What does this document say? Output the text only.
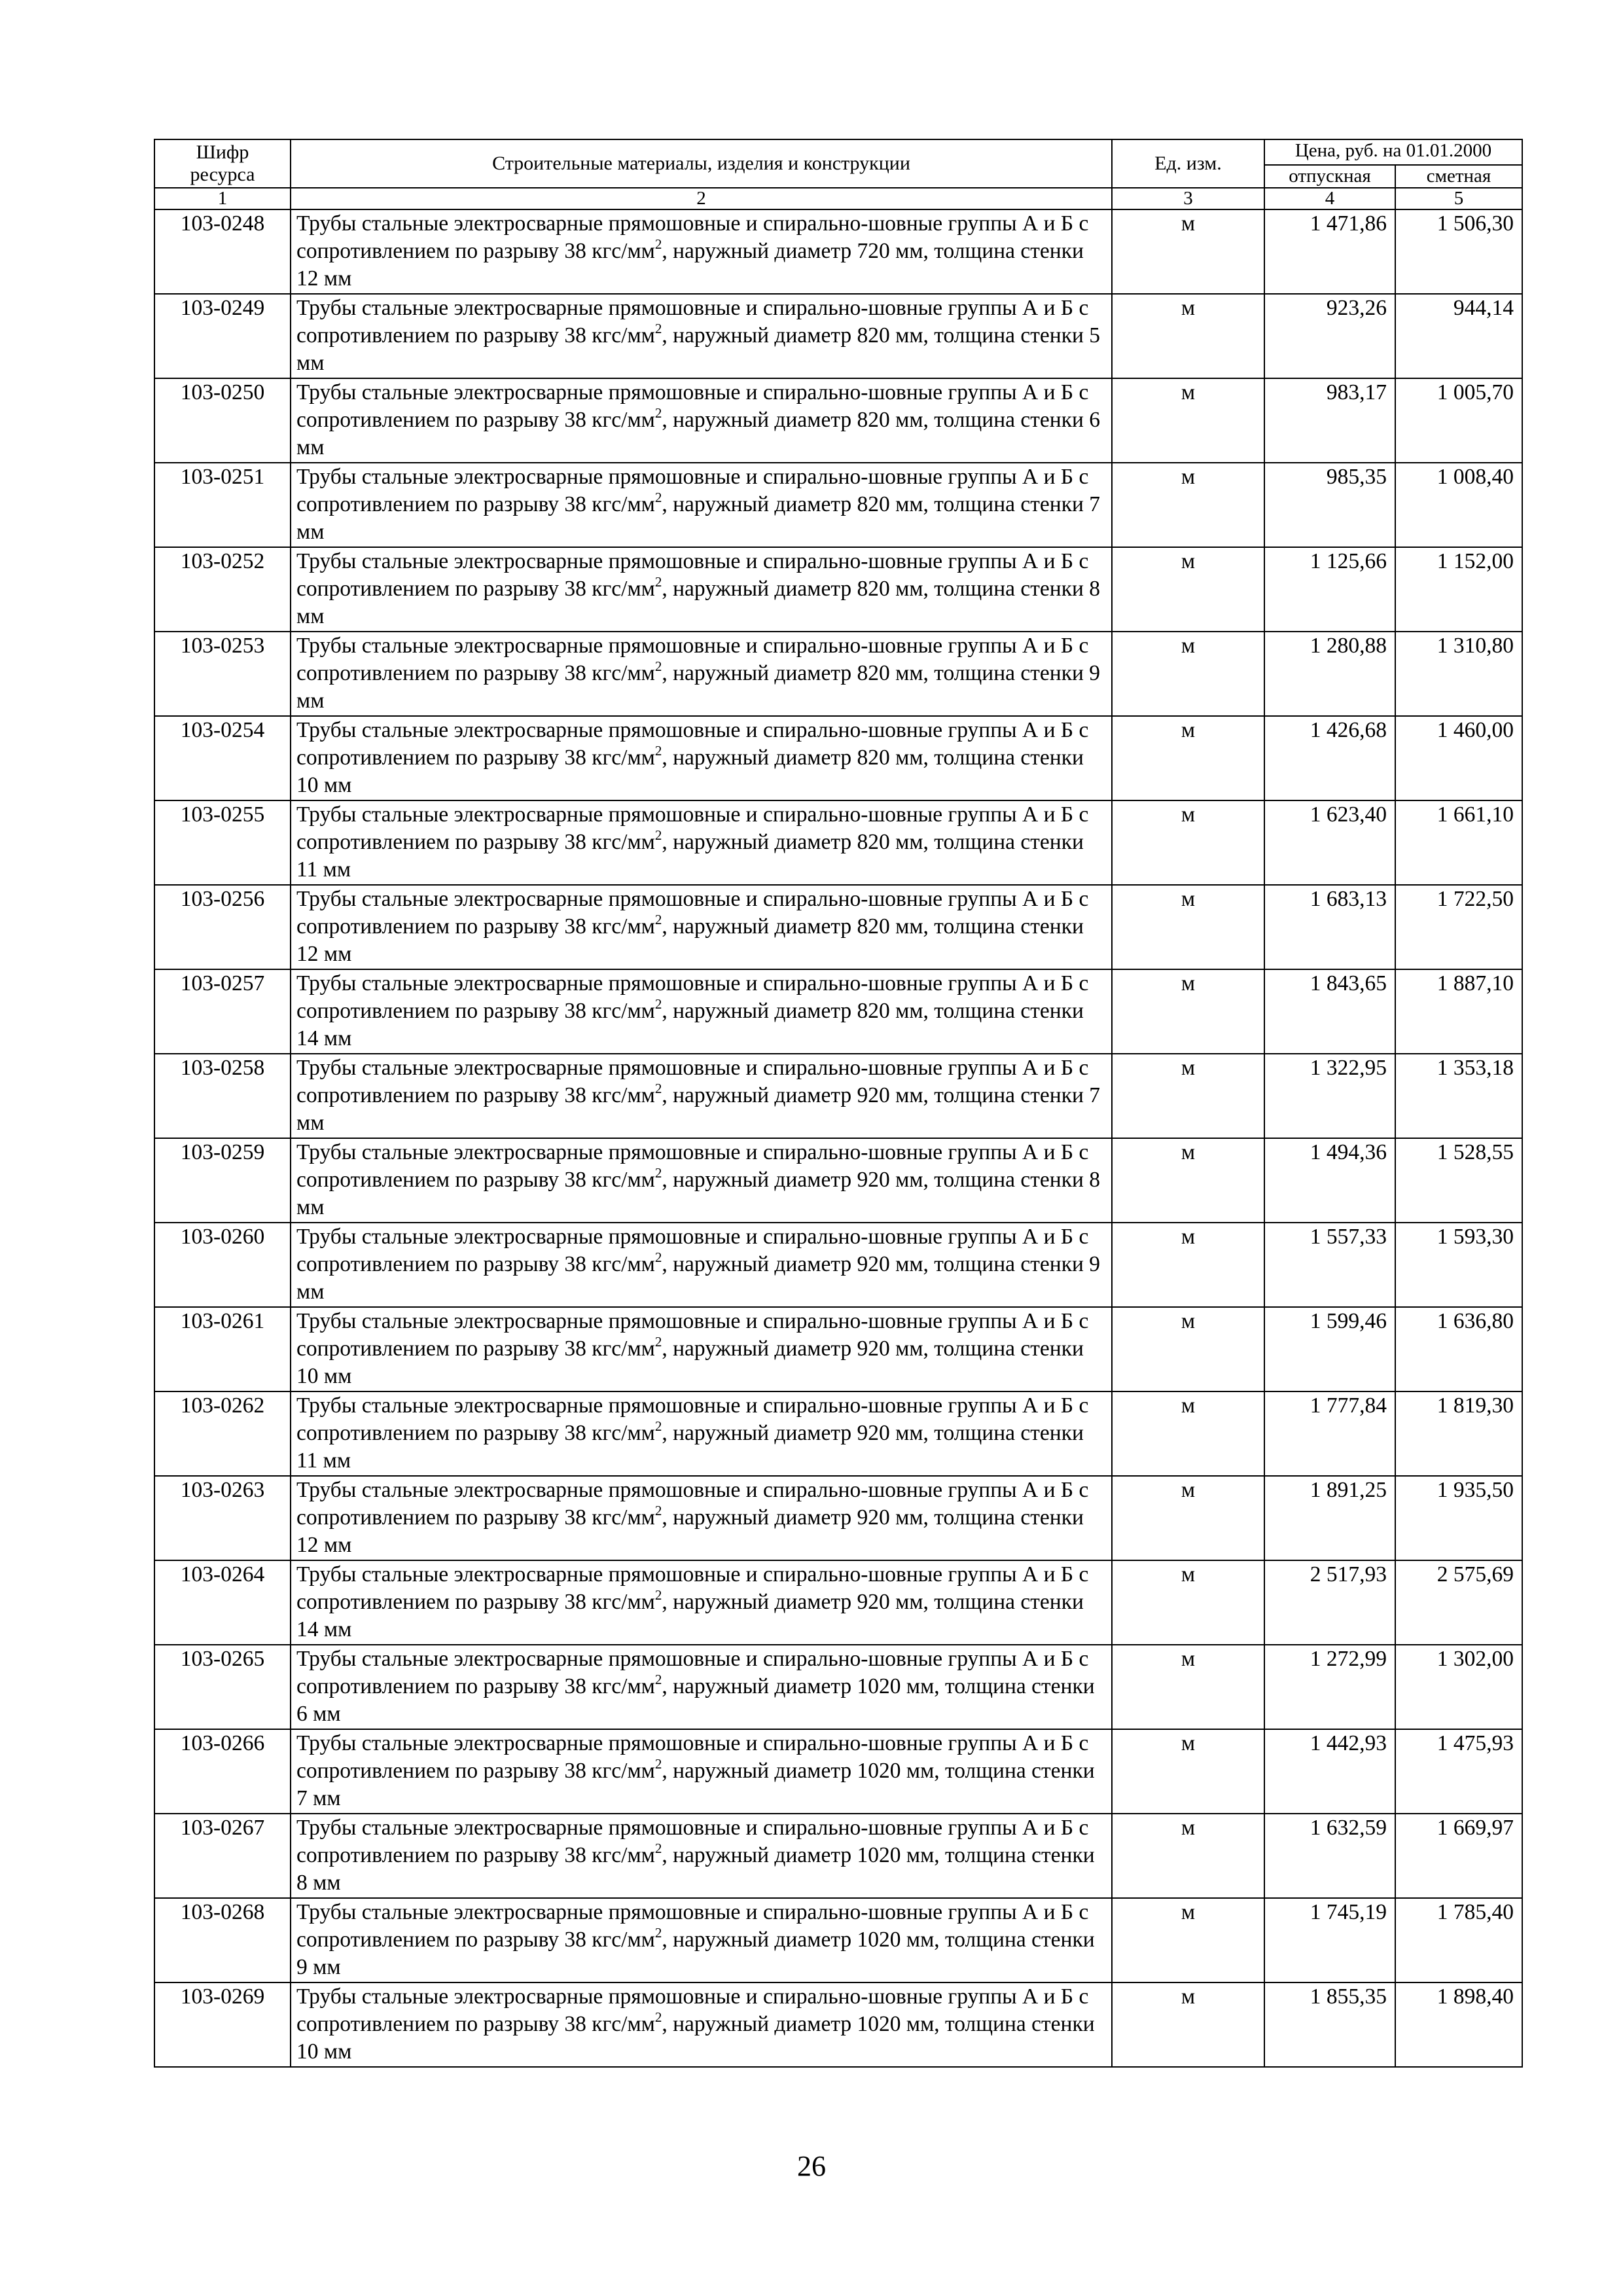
Шифр
ресурса	Строительные материалы, изделия и конструкции	Ед. изм.	Цена, руб. на 01.01.2000	
			отпускная	сметная
1	2	3	4	5
103-0248	Трубы стальные электросварные прямошовные и спирально-шовные группы А и Б с сопротивлением по разрыву 38 кгс/$мм^2$, наружный диаметр 720 мм, толщина стенки 12 мм	м	1 471,86	1 506,30
103-0249	Трубы стальные электросварные прямошовные и спирально-шовные группы А и Б с сопротивлением по разрыву 38 кгс/$мм^2$, наружный диаметр 820 мм, толщина стенки 5 мм	м	923,26	944,14
103-0250	Трубы стальные электросварные прямошовные и спирально-шовные группы А и Б с сопротивлением по разрыву 38 кгс/$мм^2$, наружный диаметр 820 мм, толщина стенки 6 мм	м	983,17	1 005,70
103-0251	Трубы стальные электросварные прямошовные и спирально-шовные группы А и Б с сопротивлением по разрыву 38 кгс/$мм^2$, наружный диаметр 820 мм, толщина стенки 7 мм	м	985,35	1 008,40
103-0252	Трубы стальные электросварные прямошовные и спирально-шовные группы А и Б с сопротивлением по разрыву 38 кгс/$мм^2$, наружный диаметр 820 мм, толщина стенки 8 мм	м	1 125,66	1 152,00
103-0253	Трубы стальные электросварные прямошовные и спирально-шовные группы А и Б с сопротивлением по разрыву 38 кгс/$мм^2$, наружный диаметр 820 мм, толщина стенки 9 мм	м	1 280,88	1 310,80
103-0254	Трубы стальные электросварные прямошовные и спирально-шовные группы А и Б с сопротивлением по разрыву 38 кгс/$мм^2$, наружный диаметр 820 мм, толщина стенки 10 мм	м	1 426,68	1 460,00
103-0255	Трубы стальные электросварные прямошовные и спирально-шовные группы А и Б с сопротивлением по разрыву 38 кгс/$мм^2$, наружный диаметр 820 мм, толщина стенки 11 мм	м	1 623,40	1 661,10
103-0256	Трубы стальные электросварные прямошовные и спирально-шовные группы А и Б с сопротивлением по разрыву 38 кгс/$мм^2$, наружный диаметр 820 мм, толщина стенки 12 мм	м	1 683,13	1 722,50
103-0257	Трубы стальные электросварные прямошовные и спирально-шовные группы А и Б с сопротивлением по разрыву 38 кгс/$мм^2$, наружный диаметр 820 мм, толщина стенки 14 мм	м	1 843,65	1 887,10
103-0258	Трубы стальные электросварные прямошовные и спирально-шовные группы А и Б с сопротивлением по разрыву 38 кгс/$мм^2$, наружный диаметр 920 мм, толщина стенки 7 мм	м	1 322,95	1 353,18
103-0259	Трубы стальные электросварные прямошовные и спирально-шовные группы А и Б с сопротивлением по разрыву 38 кгс/$мм^2$, наружный диаметр 920 мм, толщина стенки 8 мм	м	1 494,36	1 528,55
103-0260	Трубы стальные электросварные прямошовные и спирально-шовные группы А и Б с сопротивлением по разрыву 38 кгс/$мм^2$, наружный диаметр 920 мм, толщина стенки 9 мм	м	1 557,33	1 593,30
103-0261	Трубы стальные электросварные прямошовные и спирально-шовные группы А и Б с сопротивлением по разрыву 38 кгс/$мм^2$, наружный диаметр 920 мм, толщина стенки 10 мм	м	1 599,46	1 636,80
103-0262	Трубы стальные электросварные прямошовные и спирально-шовные группы А и Б с сопротивлением по разрыву 38 кгс/$мм^2$, наружный диаметр 920 мм, толщина стенки 11 мм	м	1 777,84	1 819,30
103-0263	Трубы стальные электросварные прямошовные и спирально-шовные группы А и Б с сопротивлением по разрыву 38 кгс/$мм^2$, наружный диаметр 920 мм, толщина стенки 12 мм	м	1 891,25	1 935,50
103-0264	Трубы стальные электросварные прямошовные и спирально-шовные группы А и Б с сопротивлением по разрыву 38 кгс/$мм^2$, наружный диаметр 920 мм, толщина стенки 14 мм	м	2 517,93	2 575,69
103-0265	Трубы стальные электросварные прямошовные и спирально-шовные группы А и Б с сопротивлением по разрыву 38 кгс/$мм^2$, наружный диаметр 1020 мм, толщина стенки 6 мм	м	1 272,99	1 302,00
103-0266	Трубы стальные электросварные прямошовные и спирально-шовные группы А и Б с сопротивлением по разрыву 38 кгс/$мм^2$, наружный диаметр 1020 мм, толщина стенки 7 мм	м	1 442,93	1 475,93
103-0267	Трубы стальные электросварные прямошовные и спирально-шовные группы А и Б с сопротивлением по разрыву 38 кгс/$мм^2$, наружный диаметр 1020 мм, толщина стенки 8 мм	м	1 632,59	1 669,97
103-0268	Трубы стальные электросварные прямошовные и спирально-шовные группы А и Б с сопротивлением по разрыву 38 кгс/$мм^2$, наружный диаметр 1020 мм, толщина стенки 9 мм	м	1 745,19	1 785,40
103-0269	Трубы стальные электросварные прямошовные и спирально-шовные группы А и Б с сопротивлением по разрыву 38 кгс/$мм^2$, наружный диаметр 1020 мм, толщина стенки 10 мм	м	1 855,35	1 898,40
26
